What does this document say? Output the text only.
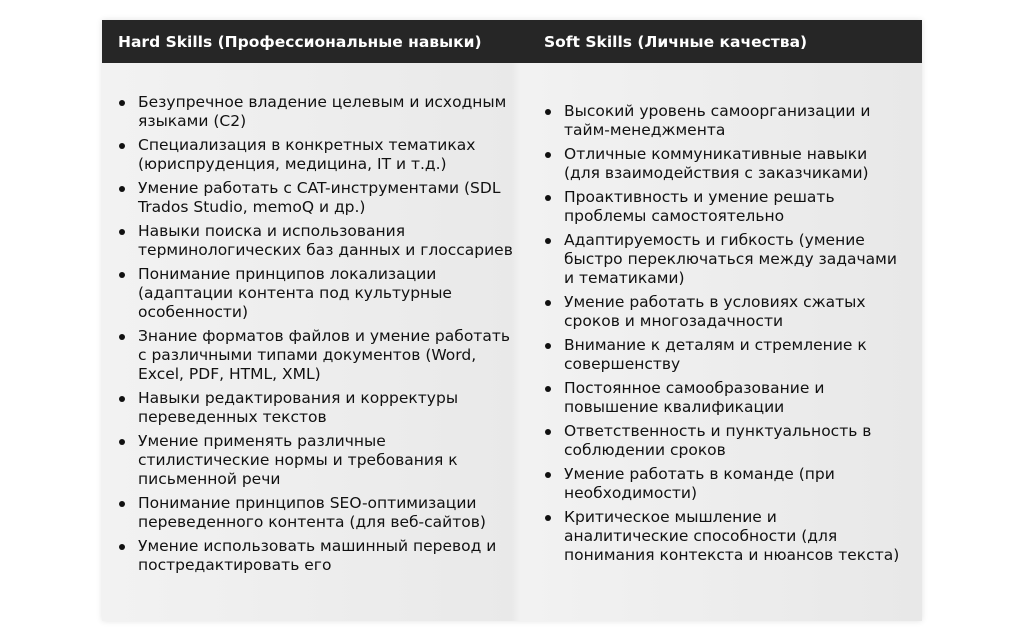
Hard Skills (Профессиональные навыки)	Soft Skills (Личные качества)
Безупречное владение целевым и исходным языками (C2)
Специализация в конкретных тематиках (юриспруденция, медицина, IT и т.д.)
Умение работать с CAT-инструментами (SDL Trados Studio, memoQ и др.)
Навыки поиска и использования терминологических баз данных и глоссариев
Понимание принципов локализации (адаптации контента под культурные особенности)
Знание форматов файлов и умение работать с различными типами документов (Word, Excel, PDF, HTML, XML)
Навыки редактирования и корректуры переведенных текстов
Умение применять различные стилистические нормы и требования к письменной речи
Понимание принципов SEO-оптимизации переведенного контента (для веб-сайтов)
Умение использовать машинный перевод и постредактировать его
Высокий уровень самоорганизации и тайм-менеджмента
Отличные коммуникативные навыки (для взаимодействия с заказчиками)
Проактивность и умение решать проблемы самостоятельно
Адаптируемость и гибкость (умение быстро переключаться между задачами и тематиками)
Умение работать в условиях сжатых сроков и многозадачности
Внимание к деталям и стремление к совершенству
Постоянное самообразование и повышение квалификации
Ответственность и пунктуальность в соблюдении сроков
Умение работать в команде (при необходимости)
Критическое мышление и аналитические способности (для понимания контекста и нюансов текста)
